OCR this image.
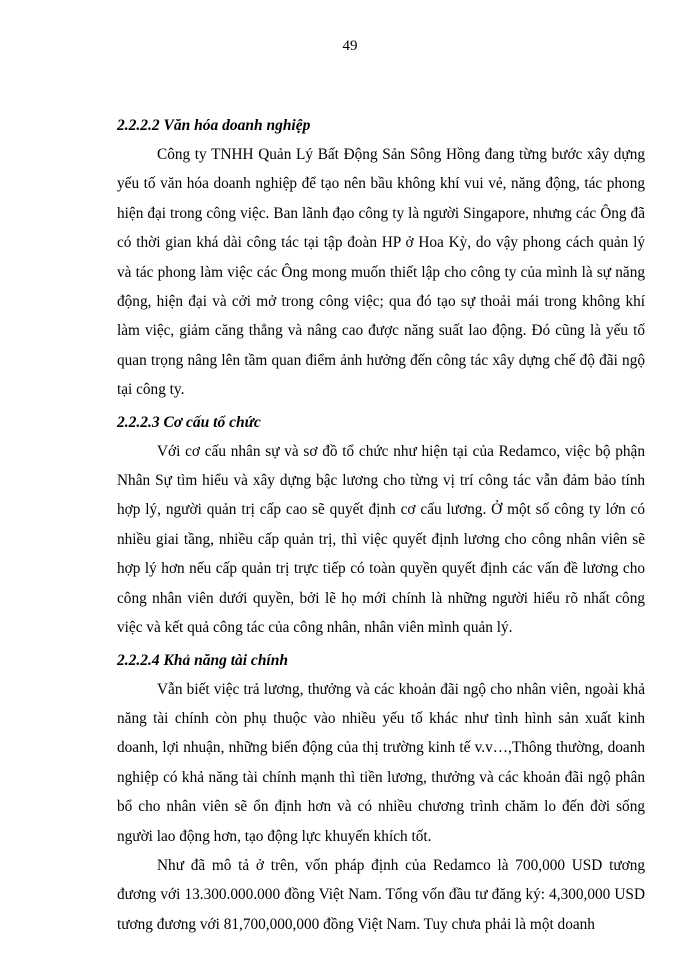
49

2.2.2.2 Văn hóa doanh nghiệp

Công ty TNHH Quản Lý Bất Động Sản Sông Hồng đang từng bước xây dựng yếu tố văn hóa doanh nghiệp để tạo nên bầu không khí vui vẻ, năng động, tác phong hiện đại trong công việc. Ban lãnh đạo công ty là người Singapore, nhưng các Ông đã có thời gian khá dài công tác tại tập đoàn HP ở Hoa Kỳ, do vậy phong cách quản lý và tác phong làm việc các Ông mong muốn thiết lập cho công ty của mình là sự năng động, hiện đại và cởi mở trong công việc; qua đó tạo sự thoải mái trong không khí làm việc, giảm căng thẳng và nâng cao được năng suất lao động. Đó cũng là yếu tố quan trọng nâng lên tầm quan điểm ảnh hưởng đến công tác xây dựng chế độ đãi ngộ tại công ty.

2.2.2.3 Cơ cấu tổ chức

Với cơ cấu nhân sự và sơ đồ tổ chức như hiện tại của Redamco, việc bộ phận Nhân Sự tìm hiểu và xây dựng bậc lương cho từng vị trí công tác vẫn đảm bảo tính hợp lý, người quản trị cấp cao sẽ quyết định cơ cấu lương. Ở một số công ty lớn có nhiều giai tầng, nhiều cấp quản trị, thì việc quyết định lương cho công nhân viên sẽ hợp lý hơn nếu cấp quản trị trực tiếp có toàn quyền quyết định các vấn đề lương cho công nhân viên dưới quyền, bởi lẽ họ mới chính là những người hiểu rõ nhất công việc và kết quả công tác của công nhân, nhân viên mình quản lý.

2.2.2.4 Khả năng tài chính

Vẫn biết việc trả lương, thưởng và các khoản đãi ngộ cho nhân viên, ngoài khả năng tài chính còn phụ thuộc vào nhiều yếu tố khác như tình hình sản xuất kinh doanh, lợi nhuận, những biến động của thị trường kinh tế v.v…,Thông thường, doanh nghiệp có khả năng tài chính mạnh thì tiền lương, thưởng và các khoản đãi ngộ phân bổ cho nhân viên sẽ ổn định hơn và có nhiều chương trình chăm lo đến đời sống người lao động hơn, tạo động lực khuyến khích tốt.

Như đã mô tả ở trên, vốn pháp định của Redamco là 700,000 USD tương đương với 13.300.000.000 đồng Việt Nam. Tổng vốn đầu tư đăng ký: 4,300,000 USD tương đương với 81,700,000,000 đồng Việt Nam. Tuy chưa phải là một doanh
